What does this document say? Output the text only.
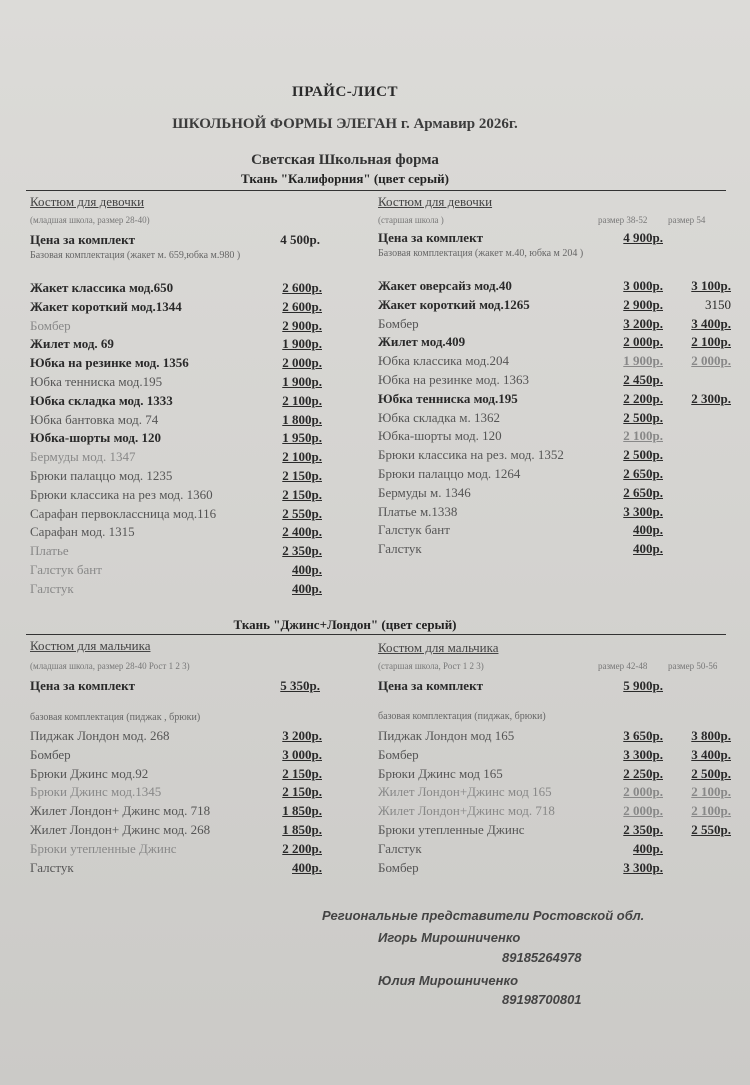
ПРАЙС-ЛИСТ
ШКОЛЬНОЙ ФОРМЫ ЭЛЕГАН г. Армавир 2026г.
Светская Школьная форма
Ткань "Калифорния" (цвет серый)
Костюм для девочки
(младшая школа, размер 28-40)
Цена за комплект	4 500р.
Базовая комплектация (жакет м. 659,юбка м.980 )
Жакет классика мод.650	2 600р.
Жакет короткий мод.1344	2 600р.
Бомбер	2 900р.
Жилет мод. 69	1 900р.
Юбка на резинке мод. 1356	2 000р.
Юбка тенниска мод.195	1 900р.
Юбка складка мод. 1333	2 100р.
Юбка бантовка мод. 74	1 800р.
Юбка-шорты мод. 120	1 950р.
Бермуды мод. 1347	2 100р.
Брюки палаццо мод. 1235	2 150р.
Брюки классика на рез мод. 1360	2 150р.
Сарафан первоклассница мод.116	2 550р.
Сарафан мод. 1315	2 400р.
Платье	2 350р.
Галстук бант	400р.
Галстук	400р.
Костюм для девочки
(старшая школа )	размер 38-52 размер 54
Цена за комплект	4 900р.
Базовая комплектация (жакет м.40, юбка м 204 )
Жакет оверсайз мод.40	3 000р.	3 100р.
Жакет короткий мод.1265	2 900р.	3150
Бомбер	3 200р.	3 400р.
Жилет мод.409	2 000р.	2 100р.
Юбка классика мод.204	1 900р.	2 000р.
Юбка на резинке мод. 1363	2 450р.
Юбка тенниска мод.195	2 200р.	2 300р.
Юбка складка м. 1362	2 500р.
Юбка-шорты мод. 120	2 100р.
Брюки классика на рез. мод. 1352	2 500р.
Брюки палаццо мод. 1264	2 650р.
Бермуды м. 1346	2 650р.
Платье м.1338	3 300р.
Галстук бант	400р.
Галстук	400р.
Ткань "Джинс+Лондон" (цвет серый)
Костюм для мальчика
(младшая школа, размер 28-40 Рост 1 2 3)
Цена за комплект	5 350р.
базовая комплектация (пиджак , брюки)
Пиджак Лондон мод. 268	3 200р.
Бомбер	3 000р.
Брюки Джинс мод.92	2 150р.
Брюки Джинс мод.1345	2 150р.
Жилет Лондон+ Джинс мод. 718	1 850р.
Жилет Лондон+ Джинс мод. 268	1 850р.
Брюки утепленные Джинс	2 200р.
Галстук	400р.
Костюм для мальчика
(старшая школа, Рост 1 2 3)	размер 42-48 размер 50-56
Цена за комплект	5 900р.
базовая комплектация (пиджак, брюки)
Пиджак Лондон мод 165	3 650р.	3 800р.
Бомбер	3 300р.	3 400р.
Брюки Джинс мод 165	2 250р.	2 500р.
Жилет Лондон+Джинс мод 165	2 000р.	2 100р.
Жилет Лондон+Джинс мод. 718	2 000р.	2 100р.
Брюки утепленные Джинс	2 350р.	2 550р.
Галстук	400р.
Бомбер	3 300р.
Региональные представители Ростовской обл.
Игорь Мирошниченко
89185264978
Юлия Мирошниченко
89198700801
